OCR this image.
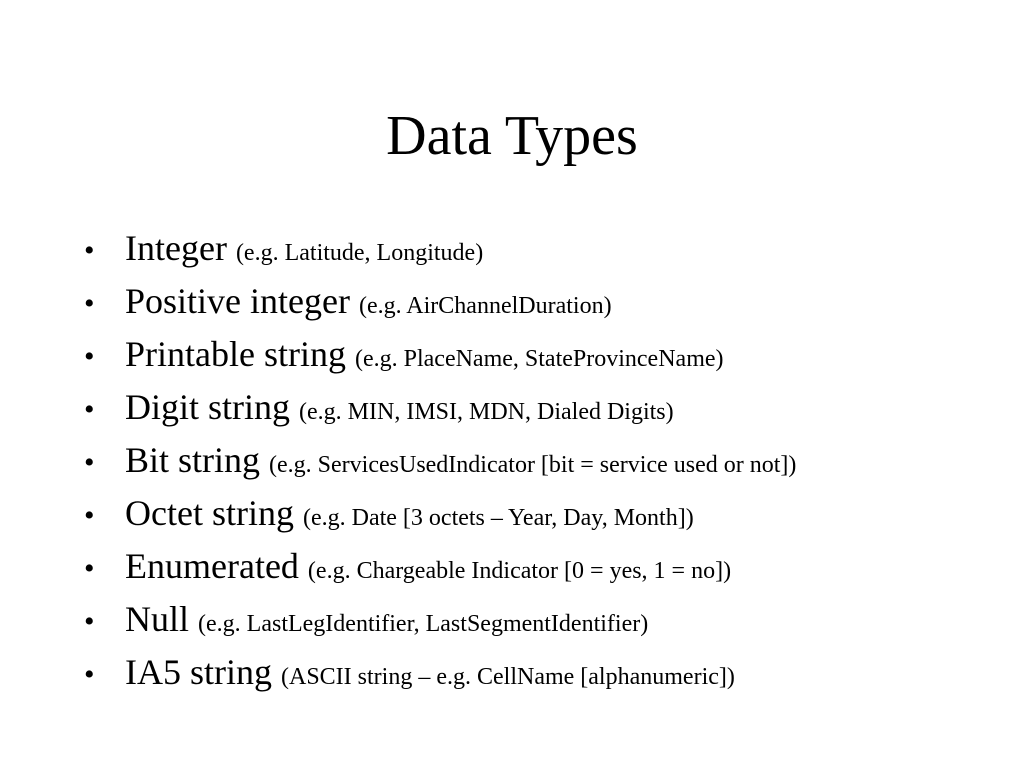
Data Types
• Integer (e.g. Latitude, Longitude)
• Positive integer (e.g. AirChannelDuration)
• Printable string (e.g. PlaceName, StateProvinceName)
• Digit string (e.g. MIN, IMSI, MDN, Dialed Digits)
• Bit string (e.g. ServicesUsedIndicator [bit = service used or not])
• Octet string (e.g. Date [3 octets – Year, Day, Month])
• Enumerated (e.g. Chargeable Indicator [0 = yes, 1 = no])
• Null (e.g. LastLegIdentifier, LastSegmentIdentifier)
• IA5 string (ASCII string – e.g. CellName [alphanumeric])
